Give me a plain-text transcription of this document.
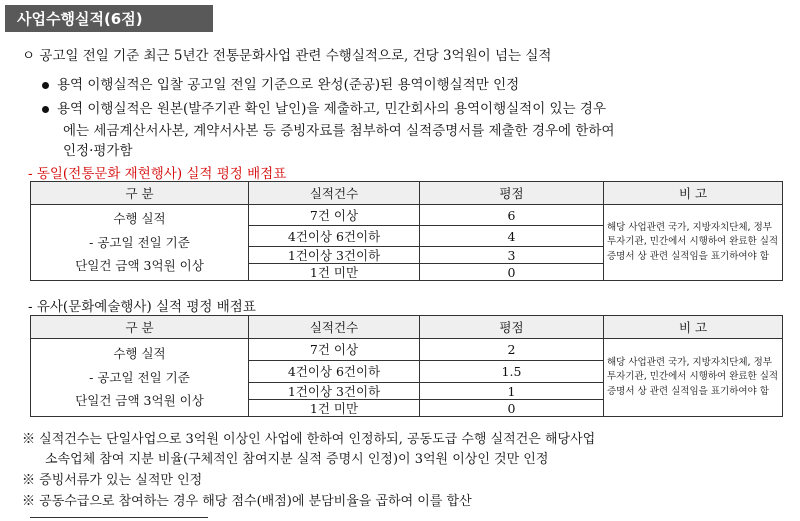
사업수행실적(6점)
ㅇ 공고일 전일 기준 최근 5년간 전통문화사업 관련 수행실적으로, 건당 3억원이 넘는 실적
용역 이행실적은 입찰 공고일 전일 기준으로 완성(준공)된 용역이행실적만 인정
용역 이행실적은 원본(발주기관 확인 날인)을 제출하고, 민간회사의 용역이행실적이 있는 경우
에는 세금계산서사본, 계약서사본 등 증빙자료를 첨부하여 실적증명서를 제출한 경우에 한하여
인정·평가함
- 동일(전통문화 재현행사) 실적 평정 배점표
구 분	실적건수	평점	비 고

수행 실적
- 공고일 전일 기준
단일건 금액 3억원 이상	7건 이상	6	해당 사업관련 국가, 지방자치단체, 정부투자기관, 민간에서 시행하여 완료한 실적증명서 상 관련 실적임을 표기하여야 함
	4건이상 6건이하	4	
	1건이상 3건이하	3	
	1건 미만	0	
- 유사(문화예술행사) 실적 평정 배점표
구 분	실적건수	평점	비 고

수행 실적
- 공고일 전일 기준
단일건 금액 3억원 이상	7건 이상	2	해당 사업관련 국가, 지방자치단체, 정부투자기관, 민간에서 시행하여 완료한 실적증명서 상 관련 실적임을 표기하여야 함
	4건이상 6건이하	1.5	
	1건이상 3건이하	1	
	1건 미만	0	
※ 실적건수는 단일사업으로 3억원 이상인 사업에 한하여 인정하되, 공동도급 수행 실적건은 해당사업
소속업체 참여 지분 비율(구체적인 참여지분 실적 증명시 인정)이 3억원 이상인 것만 인정
※ 증빙서류가 있는 실적만 인정
※ 공동수급으로 참여하는 경우 해당 점수(배점)에 분담비율을 곱하여 이를 합산
